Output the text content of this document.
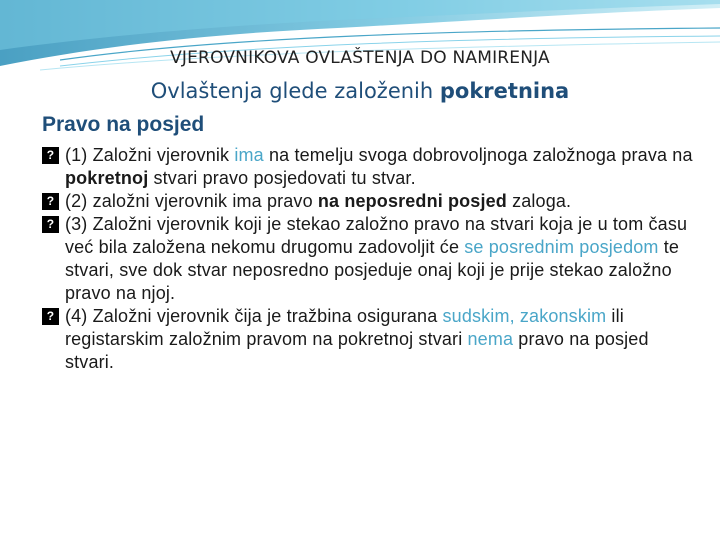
VJEROVNIKOVA OVLAŠTENJA DO NAMIRENJA
Ovlaštenja glede založenih pokretnina
Pravo na posjed
? (1) Založni vjerovnik ima na temelju svoga dobrovoljnoga založnoga prava na pokretnoj stvari pravo posjedovati tu stvar.
? (2) založni vjerovnik ima pravo na neposredni posjed zaloga.
? (3) Založni vjerovnik koji je stekao založno pravo na stvari koja je u tom času već bila založena nekomu drugomu zadovoljit će se posrednim posjedom te stvari, sve dok stvar neposredno posjeduje onaj koji je prije stekao založno pravo na njoj.
? (4) Založni vjerovnik čija je tražbina osigurana sudskim, zakonskim ili registarskim založnim pravom na pokretnoj stvari nema pravo na posjed stvari.
